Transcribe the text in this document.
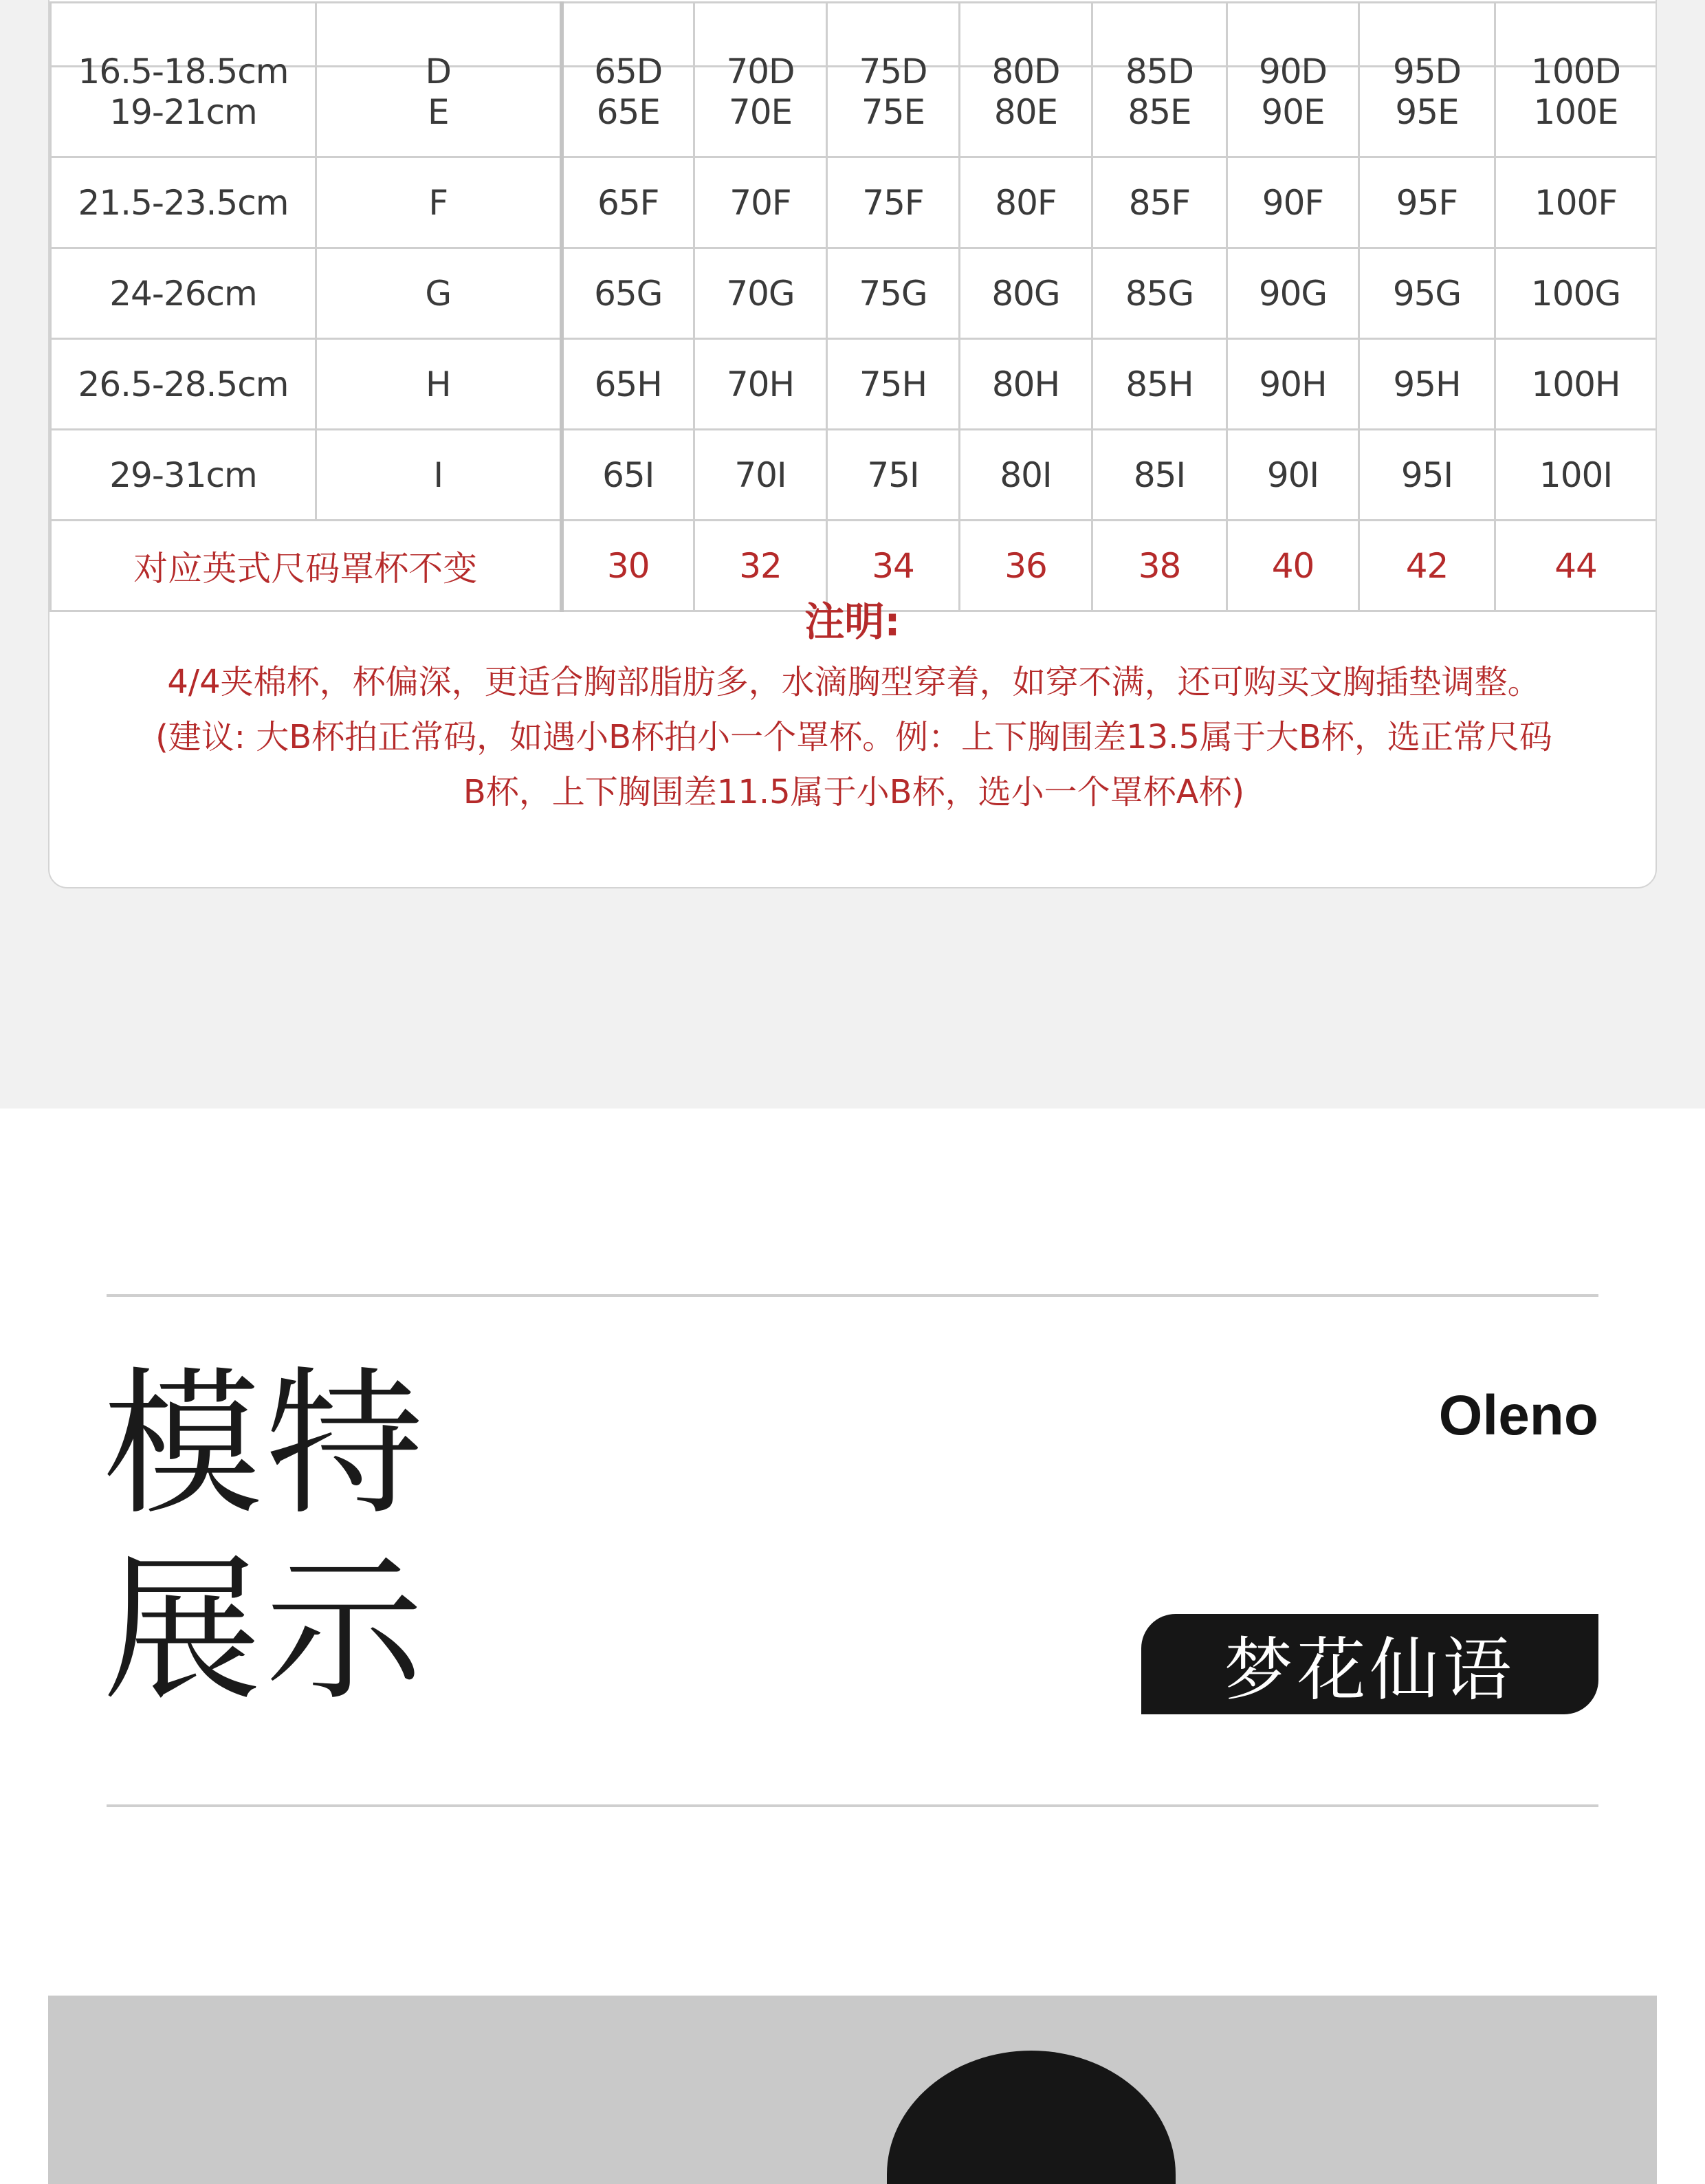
16.5-18.5cm	D	65D	70D	75D	80D	85D	90D	95D	100D
19-21cm	E	65E	70E	75E	80E	85E	90E	95E	100E
21.5-23.5cm	F	65F	70F	75F	80F	85F	90F	95F	100F
24-26cm	G	65G	70G	75G	80G	85G	90G	95G	100G
26.5-28.5cm	H	65H	70H	75H	80H	85H	90H	95H	100H
29-31cm	I	65I	70I	75I	80I	85I	90I	95I	100I
对应英式尺码罩杯不变		30	32	34	36	38	40	42	44
注明:
4/4夹棉杯，杯偏深，更适合胸部脂肪多，水滴胸型穿着，如穿不满，还可购买文胸插垫调整。
(建议: 大B杯拍正常码，如遇小B杯拍小一个罩杯。例：上下胸围差13.5属于大B杯，选正常尺码
B杯，上下胸围差11.5属于小B杯，选小一个罩杯A杯)
模特
展示
Oleno
梦花仙语
